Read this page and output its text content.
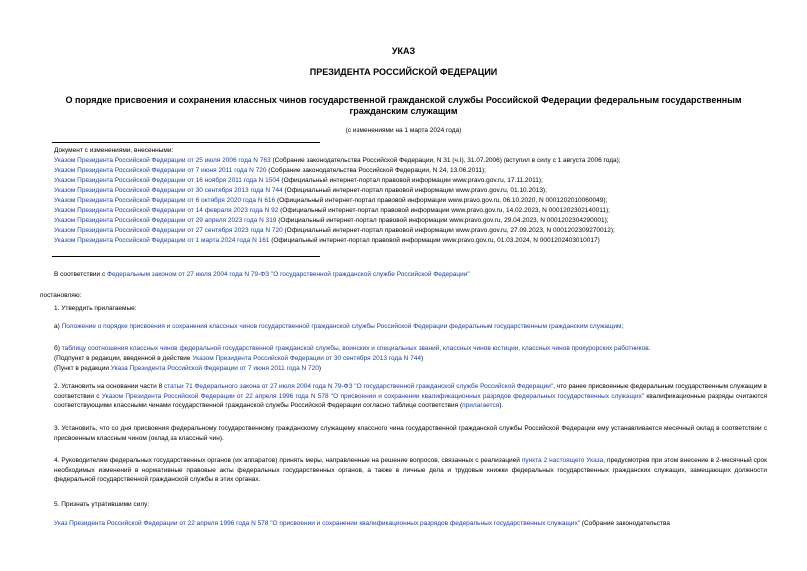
УКАЗ
ПРЕЗИДЕНТА РОССИЙСКОЙ ФЕДЕРАЦИИ
О порядке присвоения и сохранения классных чинов государственной гражданской службы Российской Федерации федеральным государственным гражданским служащим
(с изменениями на 1 марта 2024 года)
Документ с изменениями, внесенными:
Указом Президента Российской Федерации от 25 июля 2006 года N 763 (Собрание законодательства Российской Федерации, N 31 (ч.I), 31.07.2006) (вступил в силу с 1 августа 2006 года);
Указом Президента Российской Федерации от 7 июня 2011 года N 720 (Собрание законодательства Российской Федерации, N 24, 13.06.2011);
Указом Президента Российской Федерации от 16 ноября 2011 года N 1504 (Официальный интернет-портал правовой информации www.pravo.gov.ru, 17.11.2011);
Указом Президента Российской Федерации от 30 сентября 2013 года N 744 (Официальный интернет-портал правовой информации www.pravo.gov.ru, 01.10.2013);
Указом Президента Российской Федерации от 6 октября 2020 года N 616 (Официальный интернет-портал правовой информации www.pravo.gov.ru, 06.10.2020, N 0001202010060049);
Указом Президента Российской Федерации от 14 февраля 2023 года N 92 (Официальный интернет-портал правовой информации www.pravo.gov.ru, 14.02.2023, N 0001202302140011);
Указом Президента Российской Федерации от 29 апреля 2023 года N 319 (Официальный интернет-портал правовой информации www.pravo.gov.ru, 29.04.2023, N 0001202304290001);
Указом Президента Российской Федерации от 27 сентября 2023 года N 720 (Официальный интернет-портал правовой информации www.pravo.gov.ru, 27.09.2023, N 0001202309270012);
Указом Президента Российской Федерации от 1 марта 2024 года N 161 (Официальный интернет-портал правовой информации www.pravo.gov.ru, 01.03.2024, N 0001202403010017)
В соответствии с Федеральным законом от 27 июля 2004 года N 79-ФЗ "О государственной гражданской службе Российской Федерации"
постановляю:
1. Утвердить прилагаемые:
а) Положение о порядке присвоения и сохранения классных чинов государственной гражданской службы Российской Федерации федеральным государственным гражданским служащим;
б) таблицу соотношения классных чинов федеральной государственной гражданской службы, воинских и специальных званий, классных чинов юстиции, классных чинов прокурорских работников.
(Подпункт в редакции, введенной в действие Указом Президента Российской Федерации от 30 сентября 2013 года N 744)
(Пункт в редакции Указа Президента Российской Федерации от 7 июня 2011 года N 720)
2. Установить на основании части 8 статьи 71 Федерального закона от 27 июля 2004 года N 79-ФЗ "О государственной гражданской службе Российской Федерации", что ранее присвоенные федеральным государственным служащим в соответствии с Указом Президента Российской Федерации от 22 апреля 1996 года N 578 "О присвоении и сохранении квалификационных разрядов федеральных государственных служащих" квалификационные разряды считаются соответствующими классными чинами государственной гражданской службы Российской Федерации согласно таблице соответствия (прилагается).
3. Установить, что со дня присвоения федеральному государственному гражданскому служащему классного чина государственной гражданской службы Российской Федерации ему устанавливается месячный оклад в соответствии с присвоенным классным чином (оклад за классный чин).
4. Руководителям федеральных государственных органов (их аппаратов) принять меры, направленные на решение вопросов, связанных с реализацией пункта 2 настоящего Указа, предусмотрев при этом внесение в 2-месячный срок необходимых изменений в нормативные правовые акты федеральных государственных органов, а также в личные дела и трудовые книжки федеральных государственных гражданских служащих, замещающих должности федеральной государственной гражданской службы в этих органах.
5. Признать утратившими силу:
Указ Президента Российской Федерации от 22 апреля 1996 года N 578 "О присвоении и сохранении квалификационных разрядов федеральных государственных служащих" (Собрание законодательства
